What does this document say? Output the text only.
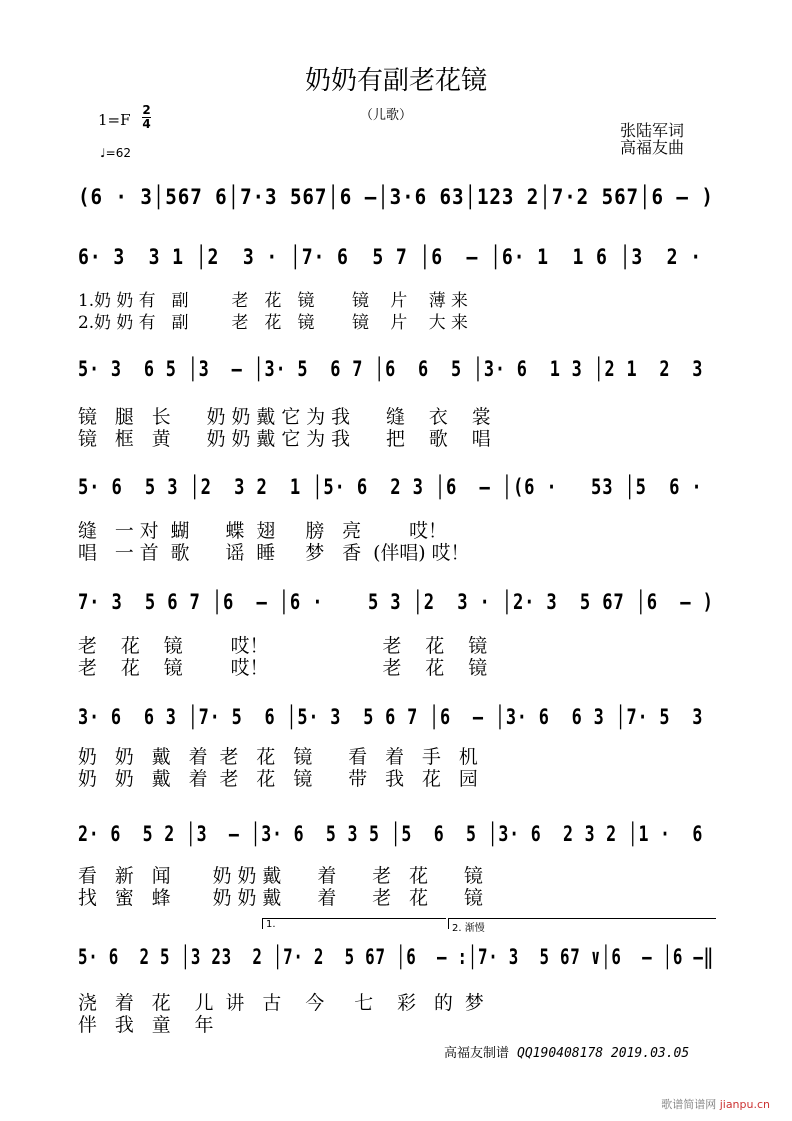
奶奶有副老花镜
（儿歌）
1=F
2
4
♩=62
张陆军词
高福友曲
(6 · 3│567 6│7·3 567│6 –│3·6 63│123 2│7·2 567│6 – )
6· 3  3 1 │2  3 · │7· 6  5 7 │6  – │6· 1  1 6 │3  2 ·
1.奶 奶 有   副        老   花   镜       镜    片    薄 来
2.奶 奶 有   副        老   花   镜       镜    片    大 来
5· 3  6 5 │3  – │3· 5  6 7 │6  6  5 │3· 6  1 3 │2 1  2  3
镜   腿   长      奶 奶 戴 它 为 我      缝    衣    裳
镜   框   黄      奶 奶 戴 它 为 我      把    歌    唱
5· 6  5 3 │2  3 2  1 │5· 6  2 3 │6  – │(6 ·   53 │5  6 ·
缝   一 对  蝴      蝶  翅     膀   亮        哎！
唱   一 首  歌      谣  睡     梦   香  (伴唱) 哎！
7· 3  5 6 7 │6  – │6 ·    5 3 │2  3 · │2· 3  5 67 │6  – )
老    花    镜        哎！                   老    花    镜
老    花    镜        哎！                   老    花    镜
3· 6  6 3 │7· 5  6 │5· 3  5 6 7 │6  – │3· 6  6 3 │7· 5  3
奶   奶   戴   着  老   花   镜      看   着   手   机
奶   奶   戴   着  老   花   镜      带   我   花   园
2· 6  5 2 │3  – │3· 6  5 3 5 │5  6  5 │3· 6  2 3 2 │1 ·  6
看   新   闻       奶 奶 戴      着      老   花      镜
找   蜜   蜂       奶 奶 戴      着      老   花      镜
1.	2. 渐慢
5· 6  2 5 │3 23  2 │7· 2  5 67 │6  – :│7· 3  5 67 ∨│6  – │6 –‖
浇   着   花    儿  讲   古    今     七    彩   的  梦
伴   我   童    年
高福友制谱 QQ190408178 2019.03.05
歌谱简谱网 jianpu.cn
